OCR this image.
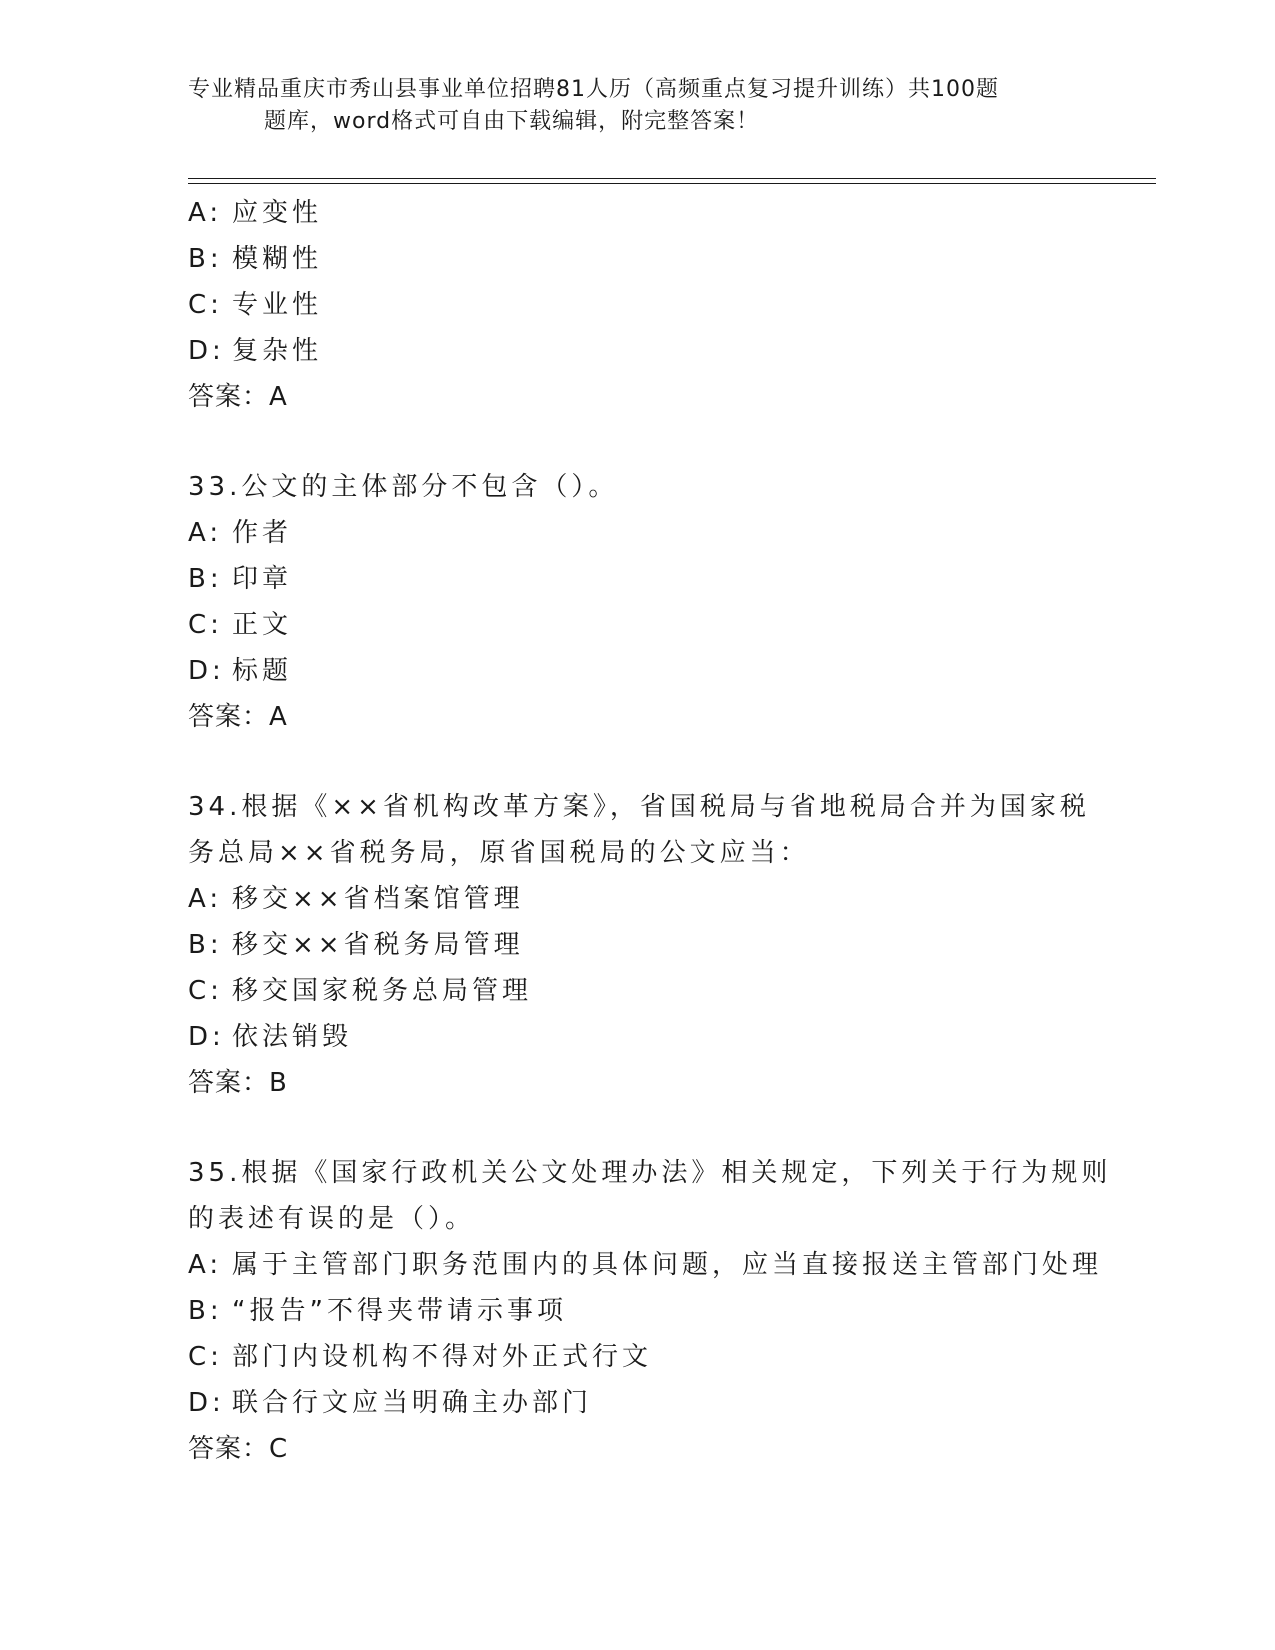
专业精品重庆市秀山县事业单位招聘81人历（高频重点复习提升训练）共100题
题库，word格式可自由下载编辑，附完整答案！
A: 应变性
B: 模糊性
C: 专业性
D: 复杂性
答案：A
33.公文的主体部分不包含（）。
A: 作者
B: 印章
C: 正文
D: 标题
答案：A
34.根据《××省机构改革方案》，省国税局与省地税局合并为国家税
务总局××省税务局，原省国税局的公文应当：
A: 移交××省档案馆管理
B: 移交××省税务局管理
C: 移交国家税务总局管理
D: 依法销毁
答案：B
35.根据《国家行政机关公文处理办法》相关规定，下列关于行为规则
的表述有误的是（）。
A: 属于主管部门职务范围内的具体问题，应当直接报送主管部门处理
B: “报告”不得夹带请示事项
C: 部门内设机构不得对外正式行文
D: 联合行文应当明确主办部门
答案：C
